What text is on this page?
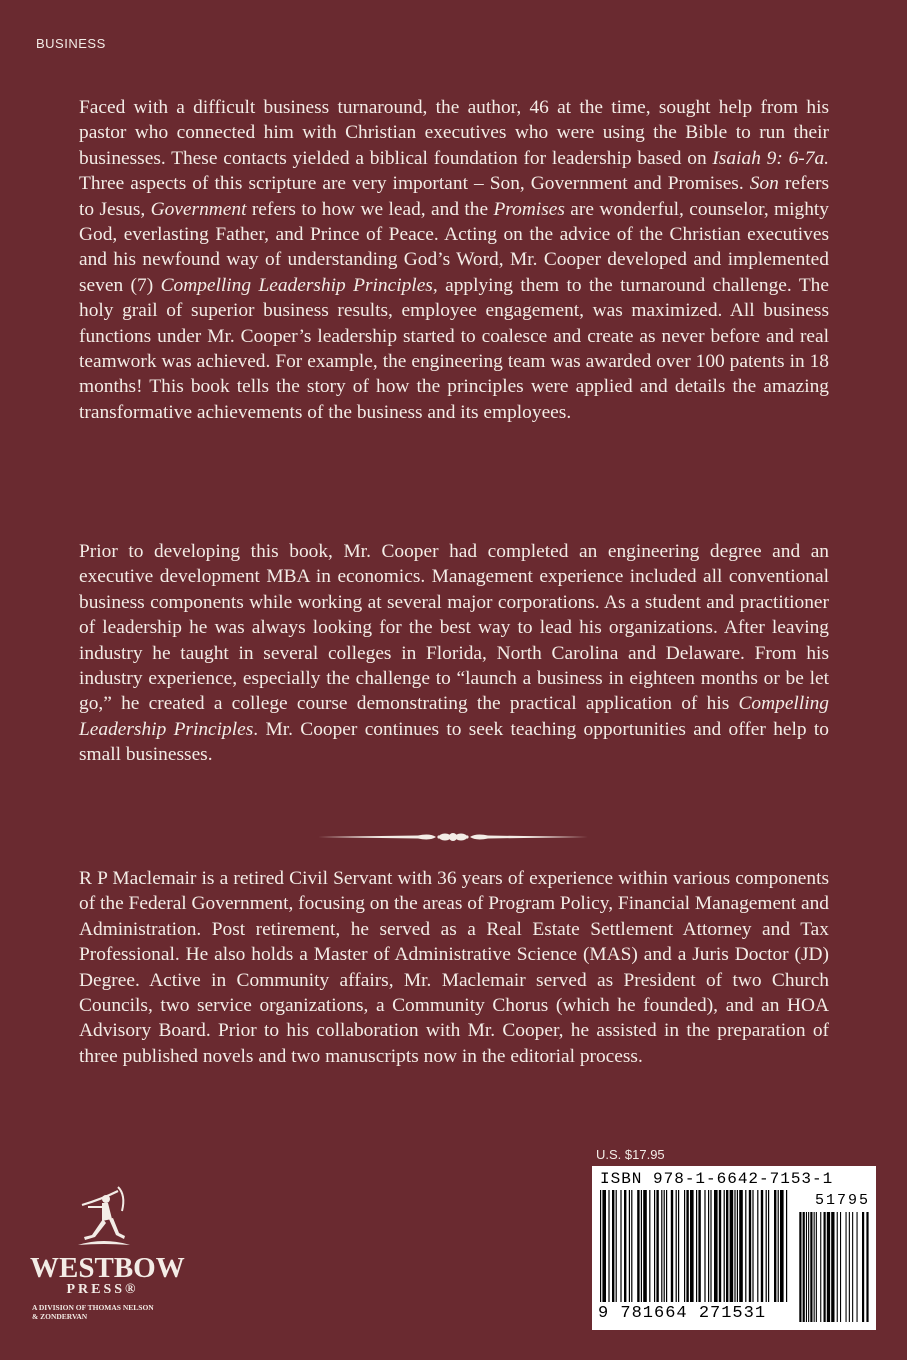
BUSINESS

Faced with a difficult business turnaround, the author, 46 at the time, sought help from his pastor who connected him with Christian executives who were using the Bible to run their businesses. These contacts yielded a biblical foundation for leadership based on Isaiah 9: 6-7a. Three aspects of this scripture are very important – Son, Government and Promises. Son refers to Jesus, Government refers to how we lead, and the Promises are wonderful, counselor, mighty God, everlasting Father, and Prince of Peace. Acting on the advice of the Christian executives and his newfound way of understanding God’s Word, Mr. Cooper developed and implemented seven (7) Compelling Leadership Principles, applying them to the turnaround challenge. The holy grail of superior business results, employee engagement, was maximized. All business functions under Mr. Cooper’s leadership started to coalesce and create as never before and real teamwork was achieved. For example, the engineering team was awarded over 100 patents in 18 months! This book tells the story of how the principles were applied and details the amazing transformative achievements of the business and its employees.

Prior to developing this book, Mr. Cooper had completed an engineering degree and an executive development MBA in economics. Management experience included all conventional business components while working at several major corporations. As a student and practitioner of leadership he was always looking for the best way to lead his organizations. After leaving industry he taught in several colleges in Florida, North Carolina and Delaware. From his industry experience, especially the challenge to “launch a business in eighteen months or be let go,” he created a college course demonstrating the practical application of his Compelling Leadership Principles. Mr. Cooper continues to seek teaching opportunities and offer help to small businesses.

R P Maclemair is a retired Civil Servant with 36 years of experience within various components of the Federal Government, focusing on the areas of Program Policy, Financial Management and Administration. Post retirement, he served as a Real Estate Settlement Attorney and Tax Professional. He also holds a Master of Administrative Science (MAS) and a Juris Doctor (JD) Degree. Active in Community affairs, Mr. Maclemair served as President of two Church Councils, two service organizations, a Community Chorus (which he founded), and an HOA Advisory Board. Prior to his collaboration with Mr. Cooper, he assisted in the preparation of three published novels and two manuscripts now in the editorial process.

WESTBOW
PRESS®
A DIVISION OF THOMAS NELSON
& ZONDERVAN
U.S. $17.95
ISBN 978-1-6642-7153-1
51795
9 781664 271531
